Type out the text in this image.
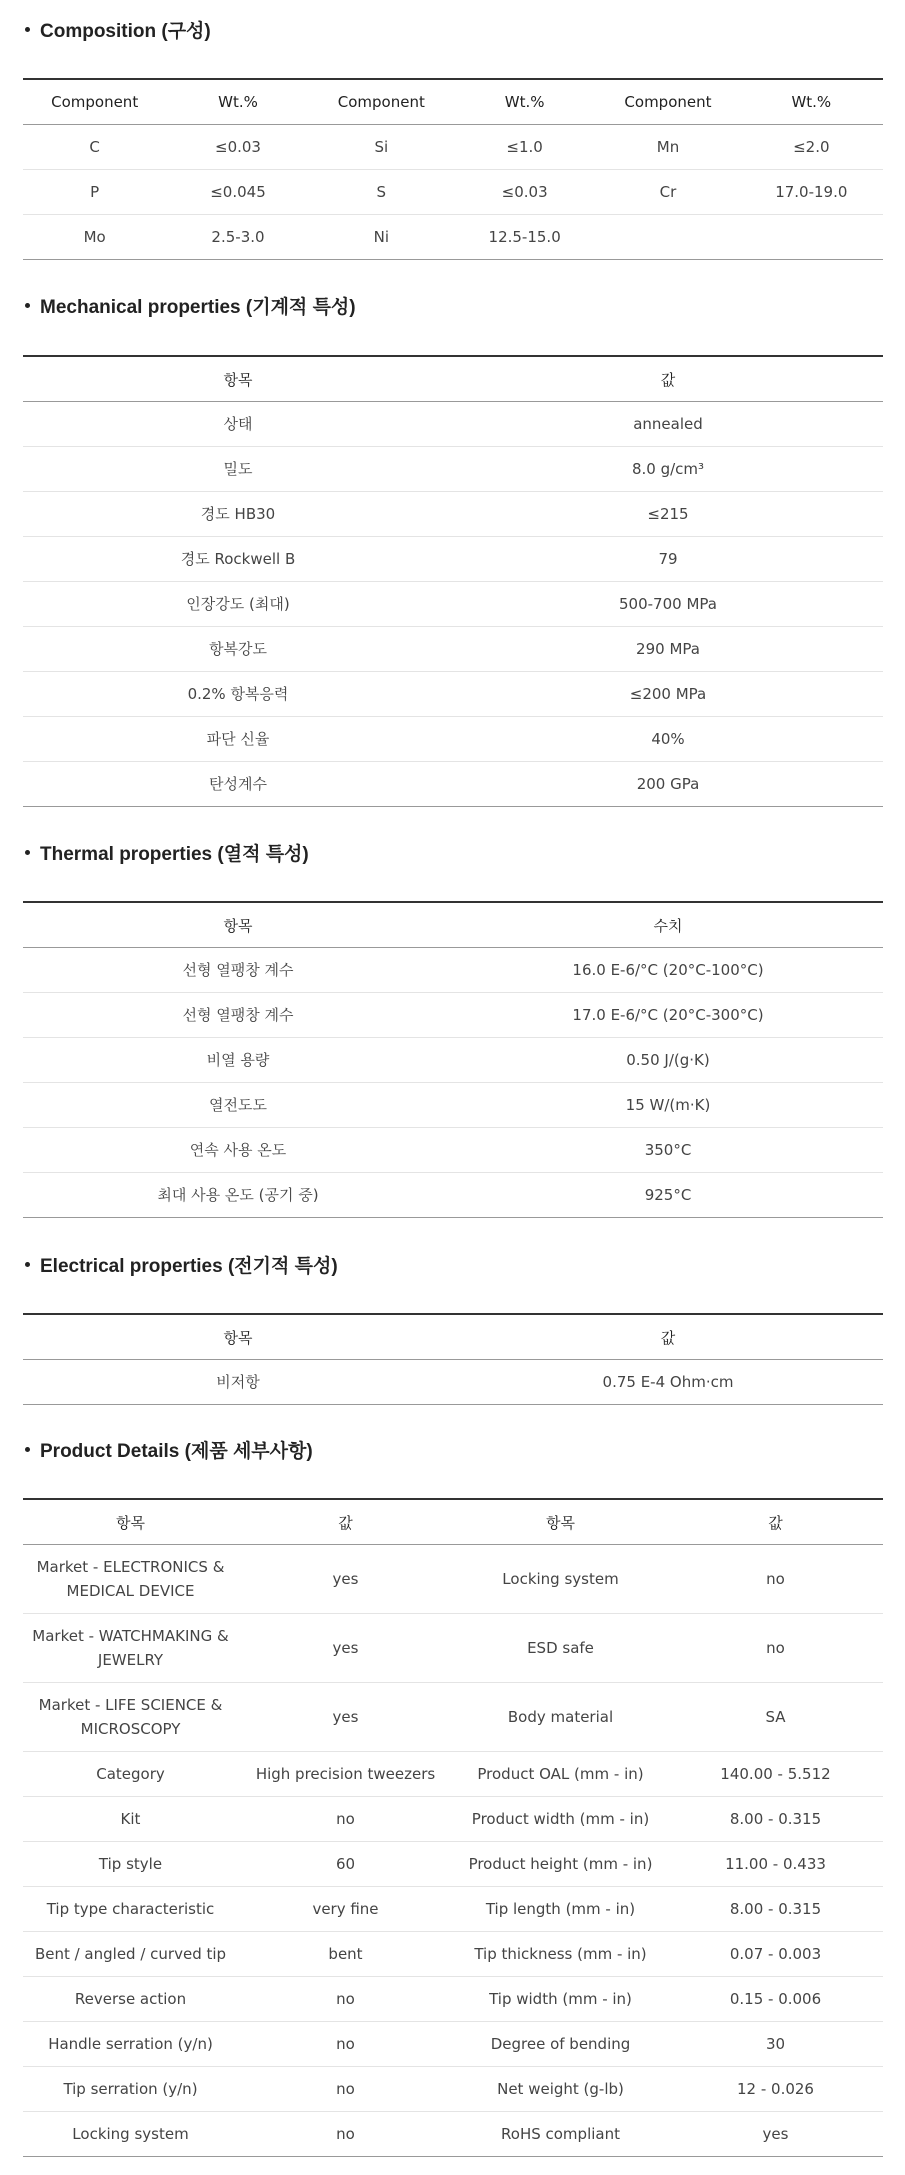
Composition (구성)
Component	Wt.%	Component	Wt.%	Component	Wt.%
C	≤0.03	Si	≤1.0	Mn	≤2.0
P	≤0.045	S	≤0.03	Cr	17.0-19.0
Mo	2.5-3.0	Ni	12.5-15.0		
Mechanical properties (기계적 특성)
항목	값
상태	annealed
밀도	8.0 g/cm³
경도 HB30	≤215
경도 Rockwell B	79
인장강도 (최대)	500-700 MPa
항복강도	290 MPa
0.2% 항복응력	≤200 MPa
파단 신율	40%
탄성계수	200 GPa
Thermal properties (열적 특성)
항목	수치
선형 열팽창 계수	16.0 E-6/°C (20°C-100°C)
선형 열팽창 계수	17.0 E-6/°C (20°C-300°C)
비열 용량	0.50 J/(g·K)
열전도도	15 W/(m·K)
연속 사용 온도	350°C
최대 사용 온도 (공기 중)	925°C
Electrical properties (전기적 특성)
항목	값
비저항	0.75 E-4 Ohm·cm
Product Details (제품 세부사항)
항목	값	항목	값
Market - ELECTRONICS & MEDICAL DEVICE	yes	Locking system	no
Market - WATCHMAKING & JEWELRY	yes	ESD safe	no
Market - LIFE SCIENCE & MICROSCOPY	yes	Body material	SA
Category	High precision tweezers	Product OAL (mm - in)	140.00 - 5.512
Kit	no	Product width (mm - in)	8.00 - 0.315
Tip style	60	Product height (mm - in)	11.00 - 0.433
Tip type characteristic	very fine	Tip length (mm - in)	8.00 - 0.315
Bent / angled / curved tip	bent	Tip thickness (mm - in)	0.07 - 0.003
Reverse action	no	Tip width (mm - in)	0.15 - 0.006
Handle serration (y/n)	no	Degree of bending	30
Tip serration (y/n)	no	Net weight (g-lb)	12 - 0.026
Locking system	no	RoHS compliant	yes
